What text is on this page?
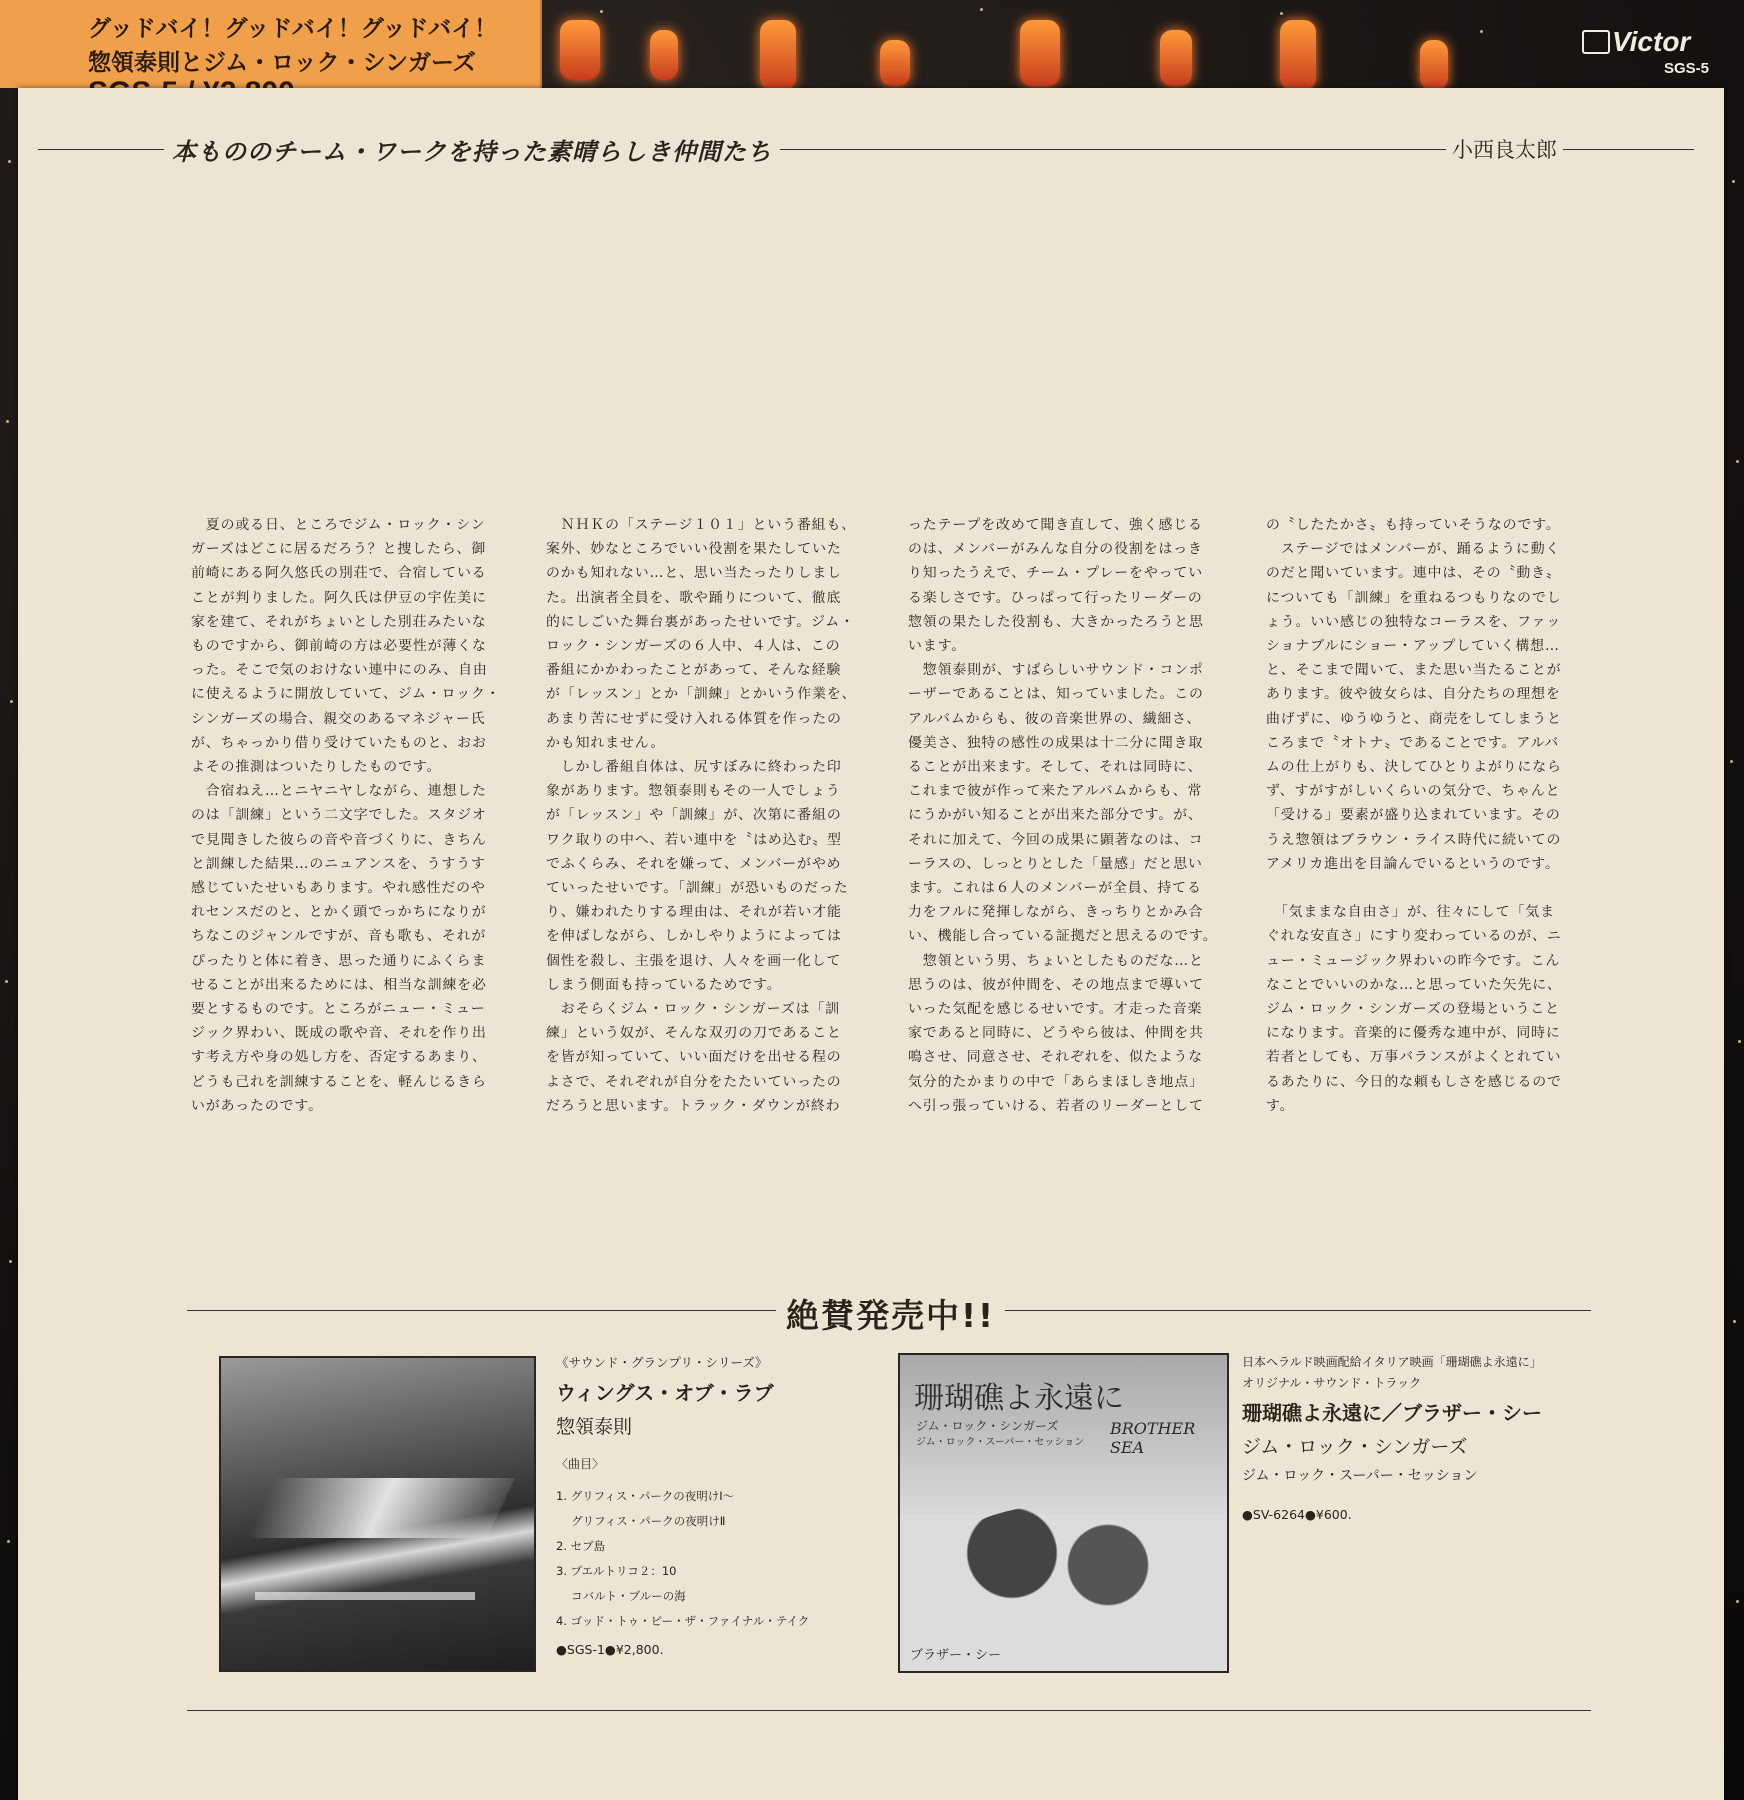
グッドバイ！グッドバイ！グッドバイ！
惣領泰則とジム・ロック・シンガーズ
Victor
SGS-5
本もののチーム・ワークを持った素晴らしき仲間たち	小西良太郎

　夏の或る日、ところでジム・ロック・シン

ガーズはどこに居るだろう？と捜したら、御

前崎にある阿久悠氏の別荘で、合宿している

ことが判りました。阿久氏は伊豆の宇佐美に

家を建て、それがちょいとした別荘みたいな

ものですから、御前崎の方は必要性が薄くな

った。そこで気のおけない連中にのみ、自由

に使えるように開放していて、ジム・ロック・

シンガーズの場合、親交のあるマネジャー氏

が、ちゃっかり借り受けていたものと、おお

よその推測はついたりしたものです。

　合宿ねえ…とニヤニヤしながら、連想した

のは「訓練」という二文字でした。スタジオ

で見聞きした彼らの音や音づくりに、きちん

と訓練した結果…のニュアンスを、うすうす

感じていたせいもあります。やれ感性だのや

れセンスだのと、とかく頭でっかちになりが

ちなこのジャンルですが、音も歌も、それが

ぴったりと体に着き、思った通りにふくらま

せることが出来るためには、相当な訓練を必

要とするものです。ところがニュー・ミュー

ジック界わい、既成の歌や音、それを作り出

す考え方や身の処し方を、否定するあまり、

どうも己れを訓練することを、軽んじるきら

いがあったのです。

　ＮＨＫの「ステージ１０１」という番組も、

案外、妙なところでいい役割を果たしていた

のかも知れない…と、思い当たったりしまし

た。出演者全員を、歌や踊りについて、徹底

的にしごいた舞台裏があったせいです。ジム・

ロック・シンガーズの６人中、４人は、この

番組にかかわったことがあって、そんな経験

が「レッスン」とか「訓練」とかいう作業を、

あまり苦にせずに受け入れる体質を作ったの

かも知れません。

　しかし番組自体は、尻すぼみに終わった印

象があります。惣領泰則もその一人でしょう

が「レッスン」や「訓練」が、次第に番組の

ワク取りの中へ、若い連中を〝はめ込む〟型

でふくらみ、それを嫌って、メンバーがやめ

ていったせいです。「訓練」が恐いものだった

り、嫌われたりする理由は、それが若い才能

を伸ばしながら、しかしやりようによっては

個性を殺し、主張を退け、人々を画一化して

しまう側面も持っているためです。

　おそらくジム・ロック・シンガーズは「訓

練」という奴が、そんな双刃の刀であること

を皆が知っていて、いい面だけを出せる程の

よさで、それぞれが自分をたたいていったの

だろうと思います。トラック・ダウンが終わ

ったテープを改めて聞き直して、強く感じる

のは、メンバーがみんな自分の役割をはっき

り知ったうえで、チーム・プレーをやってい

る楽しさです。ひっぱって行ったリーダーの

惣領の果たした役割も、大きかったろうと思

います。

　惣領泰則が、すばらしいサウンド・コンポ

ーザーであることは、知っていました。この

アルバムからも、彼の音楽世界の、繊細さ、

優美さ、独特の感性の成果は十二分に聞き取

ることが出来ます。そして、それは同時に、

これまで彼が作って来たアルバムからも、常

にうかがい知ることが出来た部分です。が、

それに加えて、今回の成果に顕著なのは、コ

ーラスの、しっとりとした「量感」だと思い

ます。これは６人のメンバーが全員、持てる

力をフルに発揮しながら、きっちりとかみ合

い、機能し合っている証拠だと思えるのです。

　惣領という男、ちょいとしたものだな…と

思うのは、彼が仲間を、その地点まで導いて

いった気配を感じるせいです。才走った音楽

家であると同時に、どうやら彼は、仲間を共

鳴させ、同意させ、それぞれを、似たような

気分的たかまりの中で「あらまほしき地点」

へ引っ張っていける、若者のリーダーとして

の〝したたかさ〟も持っていそうなのです。

　ステージではメンバーが、踊るように動く

のだと聞いています。連中は、その〝動き〟

についても「訓練」を重ねるつもりなのでし

ょう。いい感じの独特なコーラスを、ファッ

ショナブルにショー・アップしていく構想…

と、そこまで聞いて、また思い当たることが

あります。彼や彼女らは、自分たちの理想を

曲げずに、ゆうゆうと、商売をしてしまうと

ころまで〝オトナ〟であることです。アルバ

ムの仕上がりも、決してひとりよがりになら

ず、すがすがしいくらいの気分で、ちゃんと

「受ける」要素が盛り込まれています。その

うえ惣領はブラウン・ライス時代に続いての

アメリカ進出を目論んでいるというのです。

　「気ままな自由さ」が、往々にして「気ま

ぐれな安直さ」にすり変わっているのが、ニ

ュー・ミュージック界わいの昨今です。こん

なことでいいのかな…と思っていた矢先に、

ジム・ロック・シンガーズの登場ということ

になります。音楽的に優秀な連中が、同時に

若者としても、万事バランスがよくとれてい

るあたりに、今日的な頼もしさを感じるので

す。

絶賛発売中!!
《サウンド・グランプリ・シリーズ》
ウィングス・オブ・ラブ
惣領泰則
〈曲目〉
1. グリフィス・パークの夜明けⅠ～
　 グリフィス・パークの夜明けⅡ
2. セブ島
3. プエルトリコ２：10
　 コバルト・ブルーの海
4. ゴッド・トゥ・ビー・ザ・ファイナル・テイク
●SGS-1●¥2,800.
珊瑚礁よ永遠に
ジム・ロック・シンガーズ
ジム・ロック・スーパー・セッション
BROTHER SEA
ブラザー・シー
日本ヘラルド映画配給イタリア映画「珊瑚礁よ永遠に」
オリジナル・サウンド・トラック
珊瑚礁よ永遠に／ブラザー・シー
ジム・ロック・シンガーズ
ジム・ロック・スーパー・セッション
●SV-6264●¥600.
